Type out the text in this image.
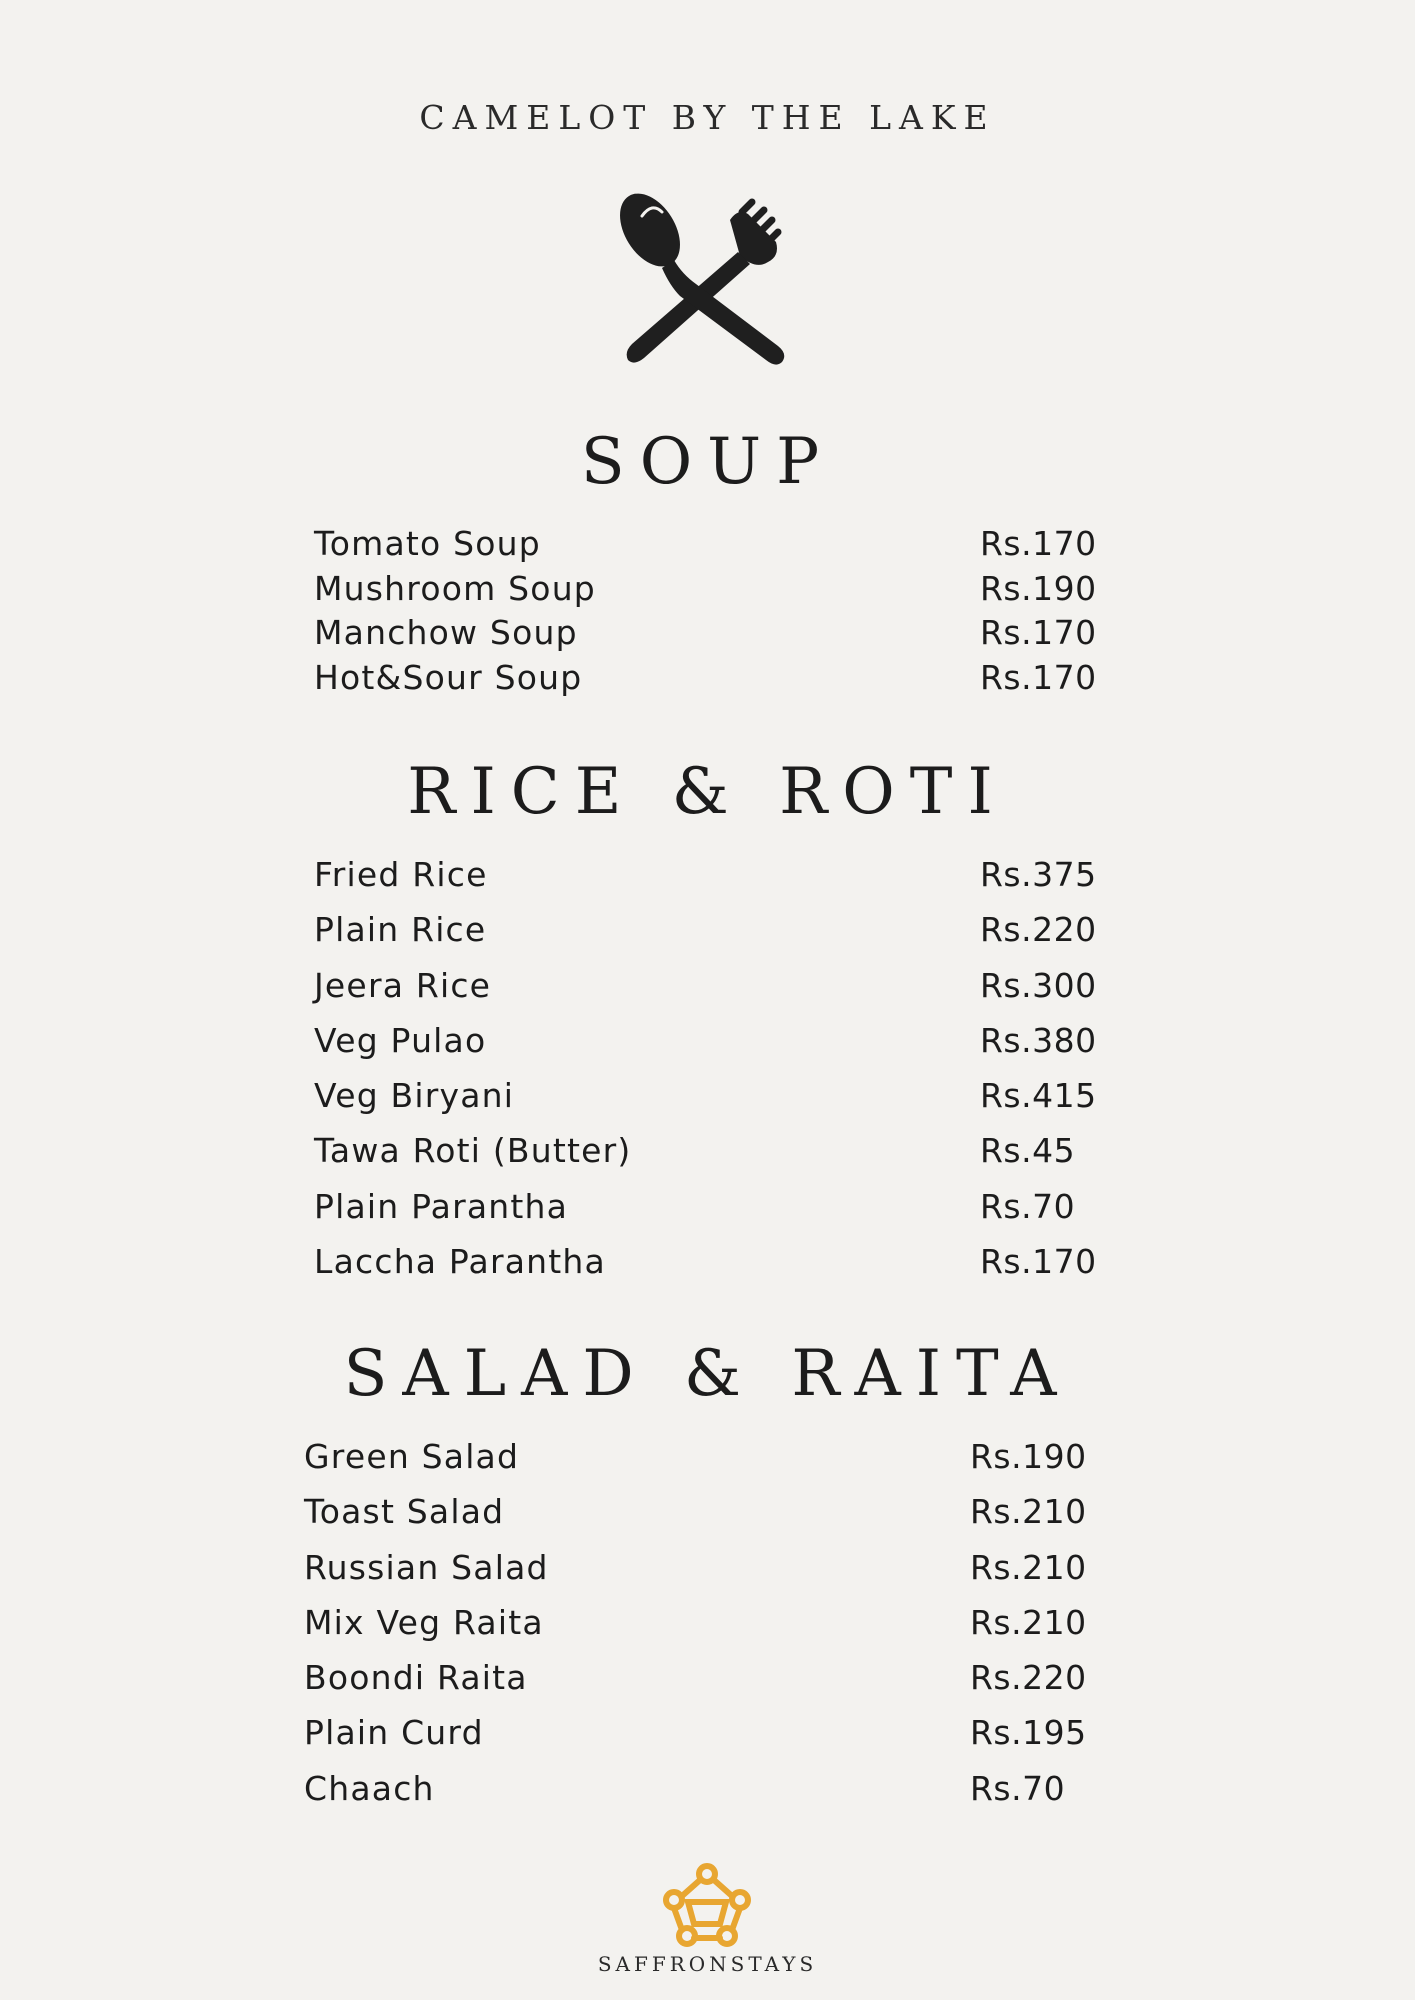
CAMELOT BY THE LAKE
SOUP
Tomato Soup	Rs.170
Mushroom Soup	Rs.190
Manchow Soup	Rs.170
Hot&Sour Soup	Rs.170
RICE & ROTI
Fried Rice	Rs.375
Plain Rice	Rs.220
Jeera Rice	Rs.300
Veg Pulao	Rs.380
Veg Biryani	Rs.415
Tawa Roti (Butter)	Rs.45
Plain Parantha	Rs.70
Laccha Parantha	Rs.170
SALAD & RAITA
Green Salad	Rs.190
Toast Salad	Rs.210
Russian Salad	Rs.210
Mix Veg Raita	Rs.210
Boondi Raita	Rs.220
Plain Curd	Rs.195
Chaach	Rs.70
SAFFRONSTAYS
